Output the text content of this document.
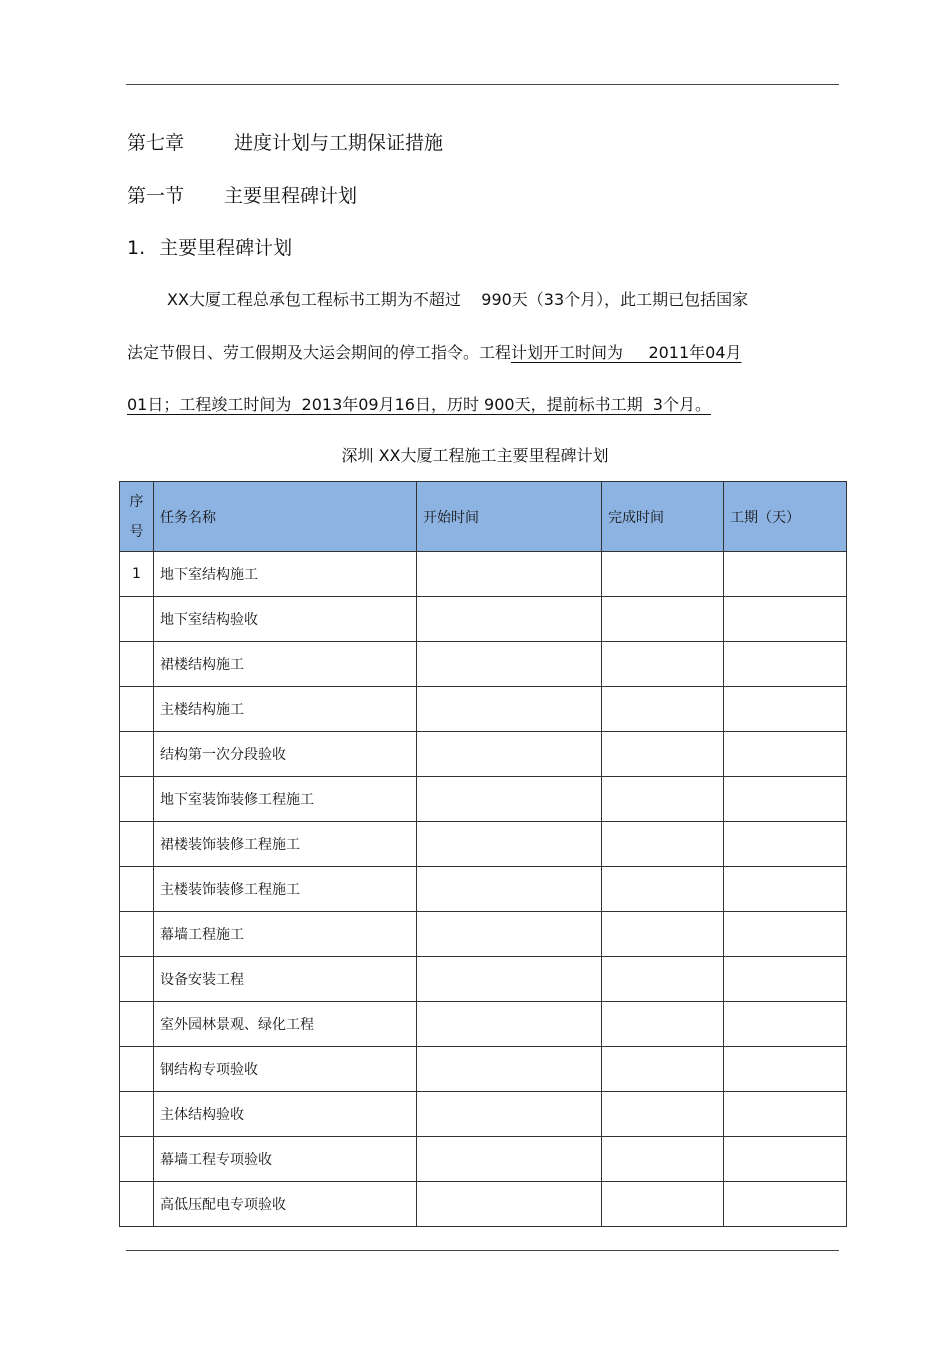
第七章	进度计划与工期保证措施
第一节 主要里程碑计划
1. 主要里程碑计划
XX大厦工程总承包工程标书工期为不超过    990天（33个月），此工期已包括国家
法定节假日、劳工假期及大运会期间的停工指令。工程计划开工时间为     2011年04月
01日；工程竣工时间为  2013年09月16日，历时 900天，提前标书工期  3个月。
深圳 XX大厦工程施工主要里程碑计划
序
号	任务名称	开始时间	完成时间	工期（天）
1	地下室结构施工			
	地下室结构验收			
	裙楼结构施工			
	主楼结构施工			
	结构第一次分段验收			
	地下室装饰装修工程施工			
	裙楼装饰装修工程施工			
	主楼装饰装修工程施工			
	幕墙工程施工			
	设备安装工程			
	室外园林景观、绿化工程			
	钢结构专项验收			
	主体结构验收			
	幕墙工程专项验收			
	高低压配电专项验收			
